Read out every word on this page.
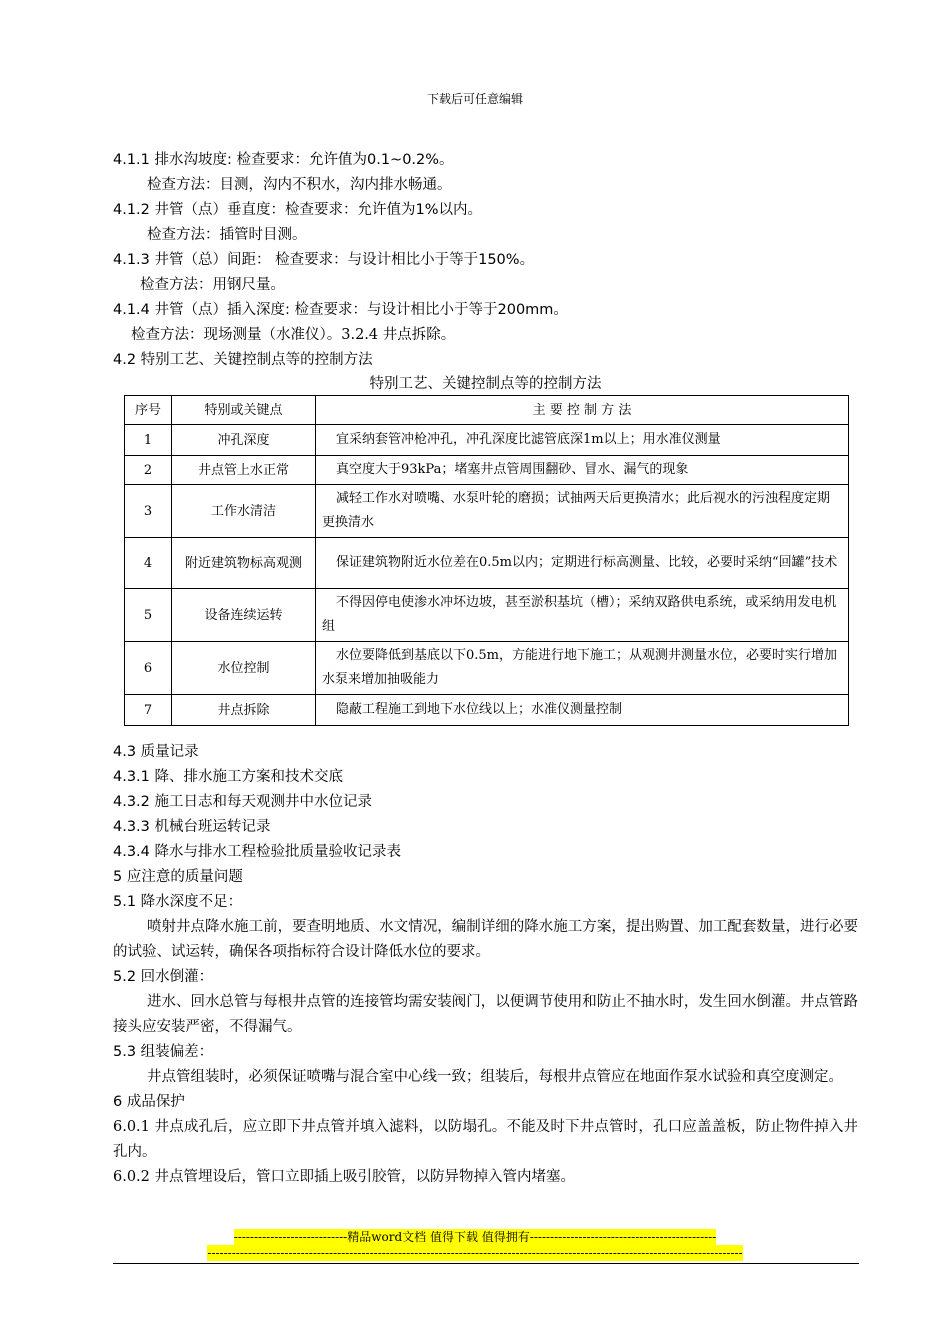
下载后可任意编辑
4.1.1 排水沟坡度: 检查要求：允许值为0.1~0.2%。
检查方法：目测，沟内不积水，沟内排水畅通。
4.1.2 井管（点）垂直度：检查要求：允许值为1%以内。
检查方法：插管时目测。
4.1.3 井管（总）间距： 检查要求：与设计相比小于等于150%。
检查方法：用钢尺量。
4.1.4 井管（点）插入深度: 检查要求：与设计相比小于等于200mm。
检查方法：现场测量（水准仪）。3.2.4 井点拆除。
4.2 特别工艺、关键控制点等的控制方法
特别工艺、关键控制点等的控制方法
序号	特别或关键点	主 要 控 制 方 法
1	冲孔深度	宜采纳套管冲枪冲孔，冲孔深度比滤管底深1m以上；用水准仪测量
2	井点管上水正常	真空度大于93kPa；堵塞井点管周围翻砂、冒水、漏气的现象
3	工作水清洁	减轻工作水对喷嘴、水泵叶轮的磨损；试抽两天后更换清水；此后视水的污浊程度定期更换清水
4	附近建筑物标高观测	保证建筑物附近水位差在0.5m以内；定期进行标高测量、比较，必要时采纳“回罐”技术
5	设备连续运转	不得因停电使渗水冲坏边坡，甚至淤积基坑（槽）；采纳双路供电系统，或采纳用发电机组
6	水位控制	水位要降低到基底以下0.5m，方能进行地下施工；从观测井测量水位，必要时实行增加水泵来增加抽吸能力
7	井点拆除	隐蔽工程施工到地下水位线以上；水准仪测量控制
4.3 质量记录
4.3.1 降、排水施工方案和技术交底
4.3.2 施工日志和每天观测井中水位记录
4.3.3 机械台班运转记录
4.3.4 降水与排水工程检验批质量验收记录表
5 应注意的质量问题
5.1 降水深度不足：
喷射井点降水施工前，要查明地质、水文情况，编制详细的降水施工方案，提出购置、加工配套数量，进行必要的试验、试运转，确保各项指标符合设计降低水位的要求。
5.2 回水倒灌：
进水、回水总管与每根井点管的连接管均需安装阀门，以便调节使用和防止不抽水时，发生回水倒灌。井点管路接头应安装严密，不得漏气。
5.3 组装偏差：
井点管组装时，必须保证喷嘴与混合室中心线一致；组装后，每根井点管应在地面作泵水试验和真空度测定。
6 成品保护
6.0.1 井点成孔后，应立即下井点管并填入滤料，以防塌孔。不能及时下井点管时，孔口应盖盖板，防止物件掉入井孔内。
6.0.2 井点管埋设后，管口立即插上吸引胶管，以防异物掉入管内堵塞。
----------------------------精品word文档 值得下载 值得拥有----------------------------------------------
------------------------------------------------------------------------------------------------------------------------------------
